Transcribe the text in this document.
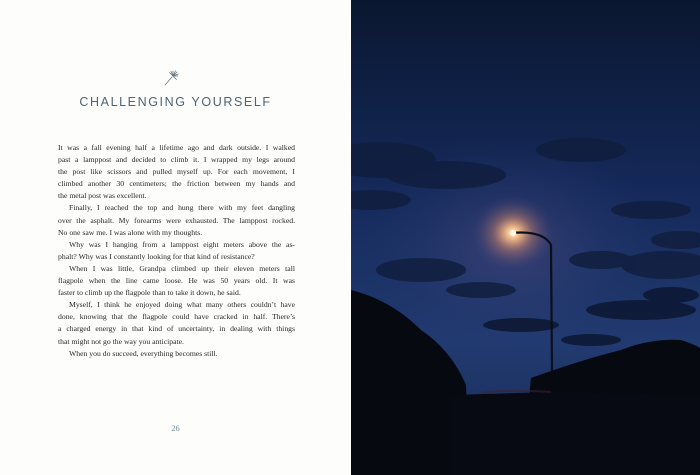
CHALLENGING YOURSELF
It was a fall evening half a lifetime ago and dark outside. I walked
past a lamppost and decided to climb it. I wrapped my legs around
the post like scissors and pulled myself up. For each movement, I
climbed another 30 centimeters; the friction between my hands and
the metal post was excellent.
Finally, I reached the top and hung there with my feet dangling
over the asphalt. My forearms were exhausted. The lamppost rocked.
No one saw me. I was alone with my thoughts.
Why was I hanging from a lamppost eight meters above the as-
phalt? Why was I constantly looking for that kind of resistance?
When I was little, Grandpa climbed up their eleven meters tall
flagpole when the line came loose. He was 50 years old. It was
faster to climb up the flagpole than to take it down, he said.
Myself, I think he enjoyed doing what many others couldn’t have
done, knowing that the flagpole could have cracked in half. There’s
a charged energy in that kind of uncertainty, in dealing with things
that might not go the way you anticipate.
When you do succeed, everything becomes still.
26
